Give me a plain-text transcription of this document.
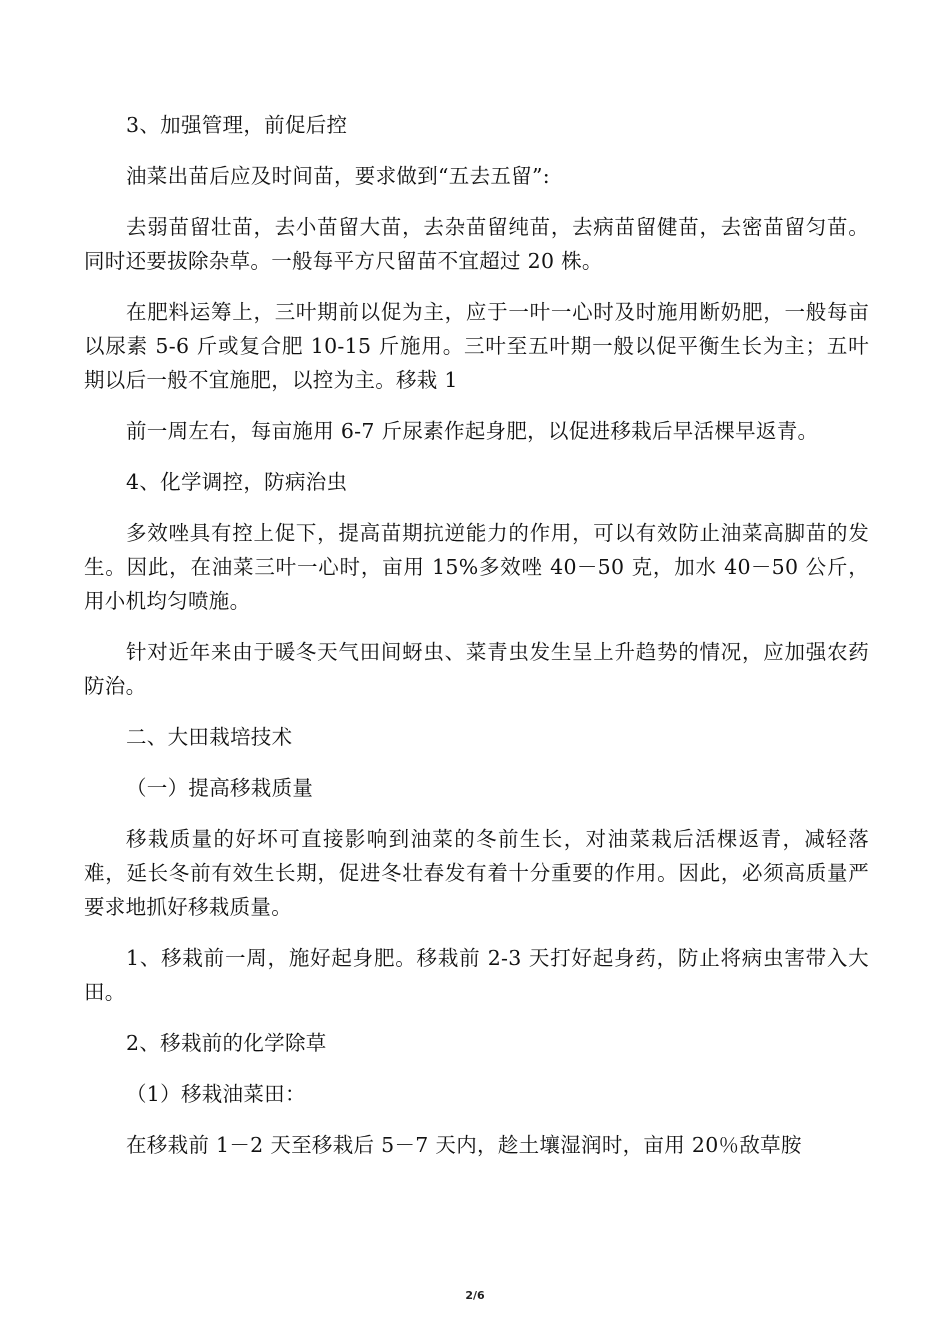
3、加强管理，前促后控

油菜出苗后应及时间苗，要求做到“五去五留”:

去弱苗留壮苗，去小苗留大苗，去杂苗留纯苗，去病苗留健苗，去密苗留匀苗。同时还要拔除杂草。一般每平方尺留苗不宜超过 20 株。

在肥料运筹上，三叶期前以促为主，应于一叶一心时及时施用断奶肥，一般每亩以尿素 5-6 斤或复合肥 10-15 斤施用。三叶至五叶期一般以促平衡生长为主；五叶期以后一般不宜施肥，以控为主。移栽 1

前一周左右，每亩施用 6-7 斤尿素作起身肥，以促进移栽后早活棵早返青。

4、化学调控，防病治虫

多效唑具有控上促下，提高苗期抗逆能力的作用，可以有效防止油菜高脚苗的发生。因此，在油菜三叶一心时，亩用 15%多效唑 40－50 克，加水 40－50 公斤，用小机均匀喷施。

针对近年来由于暖冬天气田间蚜虫、菜青虫发生呈上升趋势的情况，应加强农药防治。

二、大田栽培技术

（一）提高移栽质量

移栽质量的好坏可直接影响到油菜的冬前生长，对油菜栽后活棵返青，减轻落难，延长冬前有效生长期，促进冬壮春发有着十分重要的作用。因此，必须高质量严要求地抓好移栽质量。

1、移栽前一周，施好起身肥。移栽前 2-3 天打好起身药，防止将病虫害带入大田。

2、移栽前的化学除草

（1）移栽油菜田：

在移栽前 1－2 天至移栽后 5－7 天内，趁土壤湿润时，亩用 20％敌草胺

2/6
